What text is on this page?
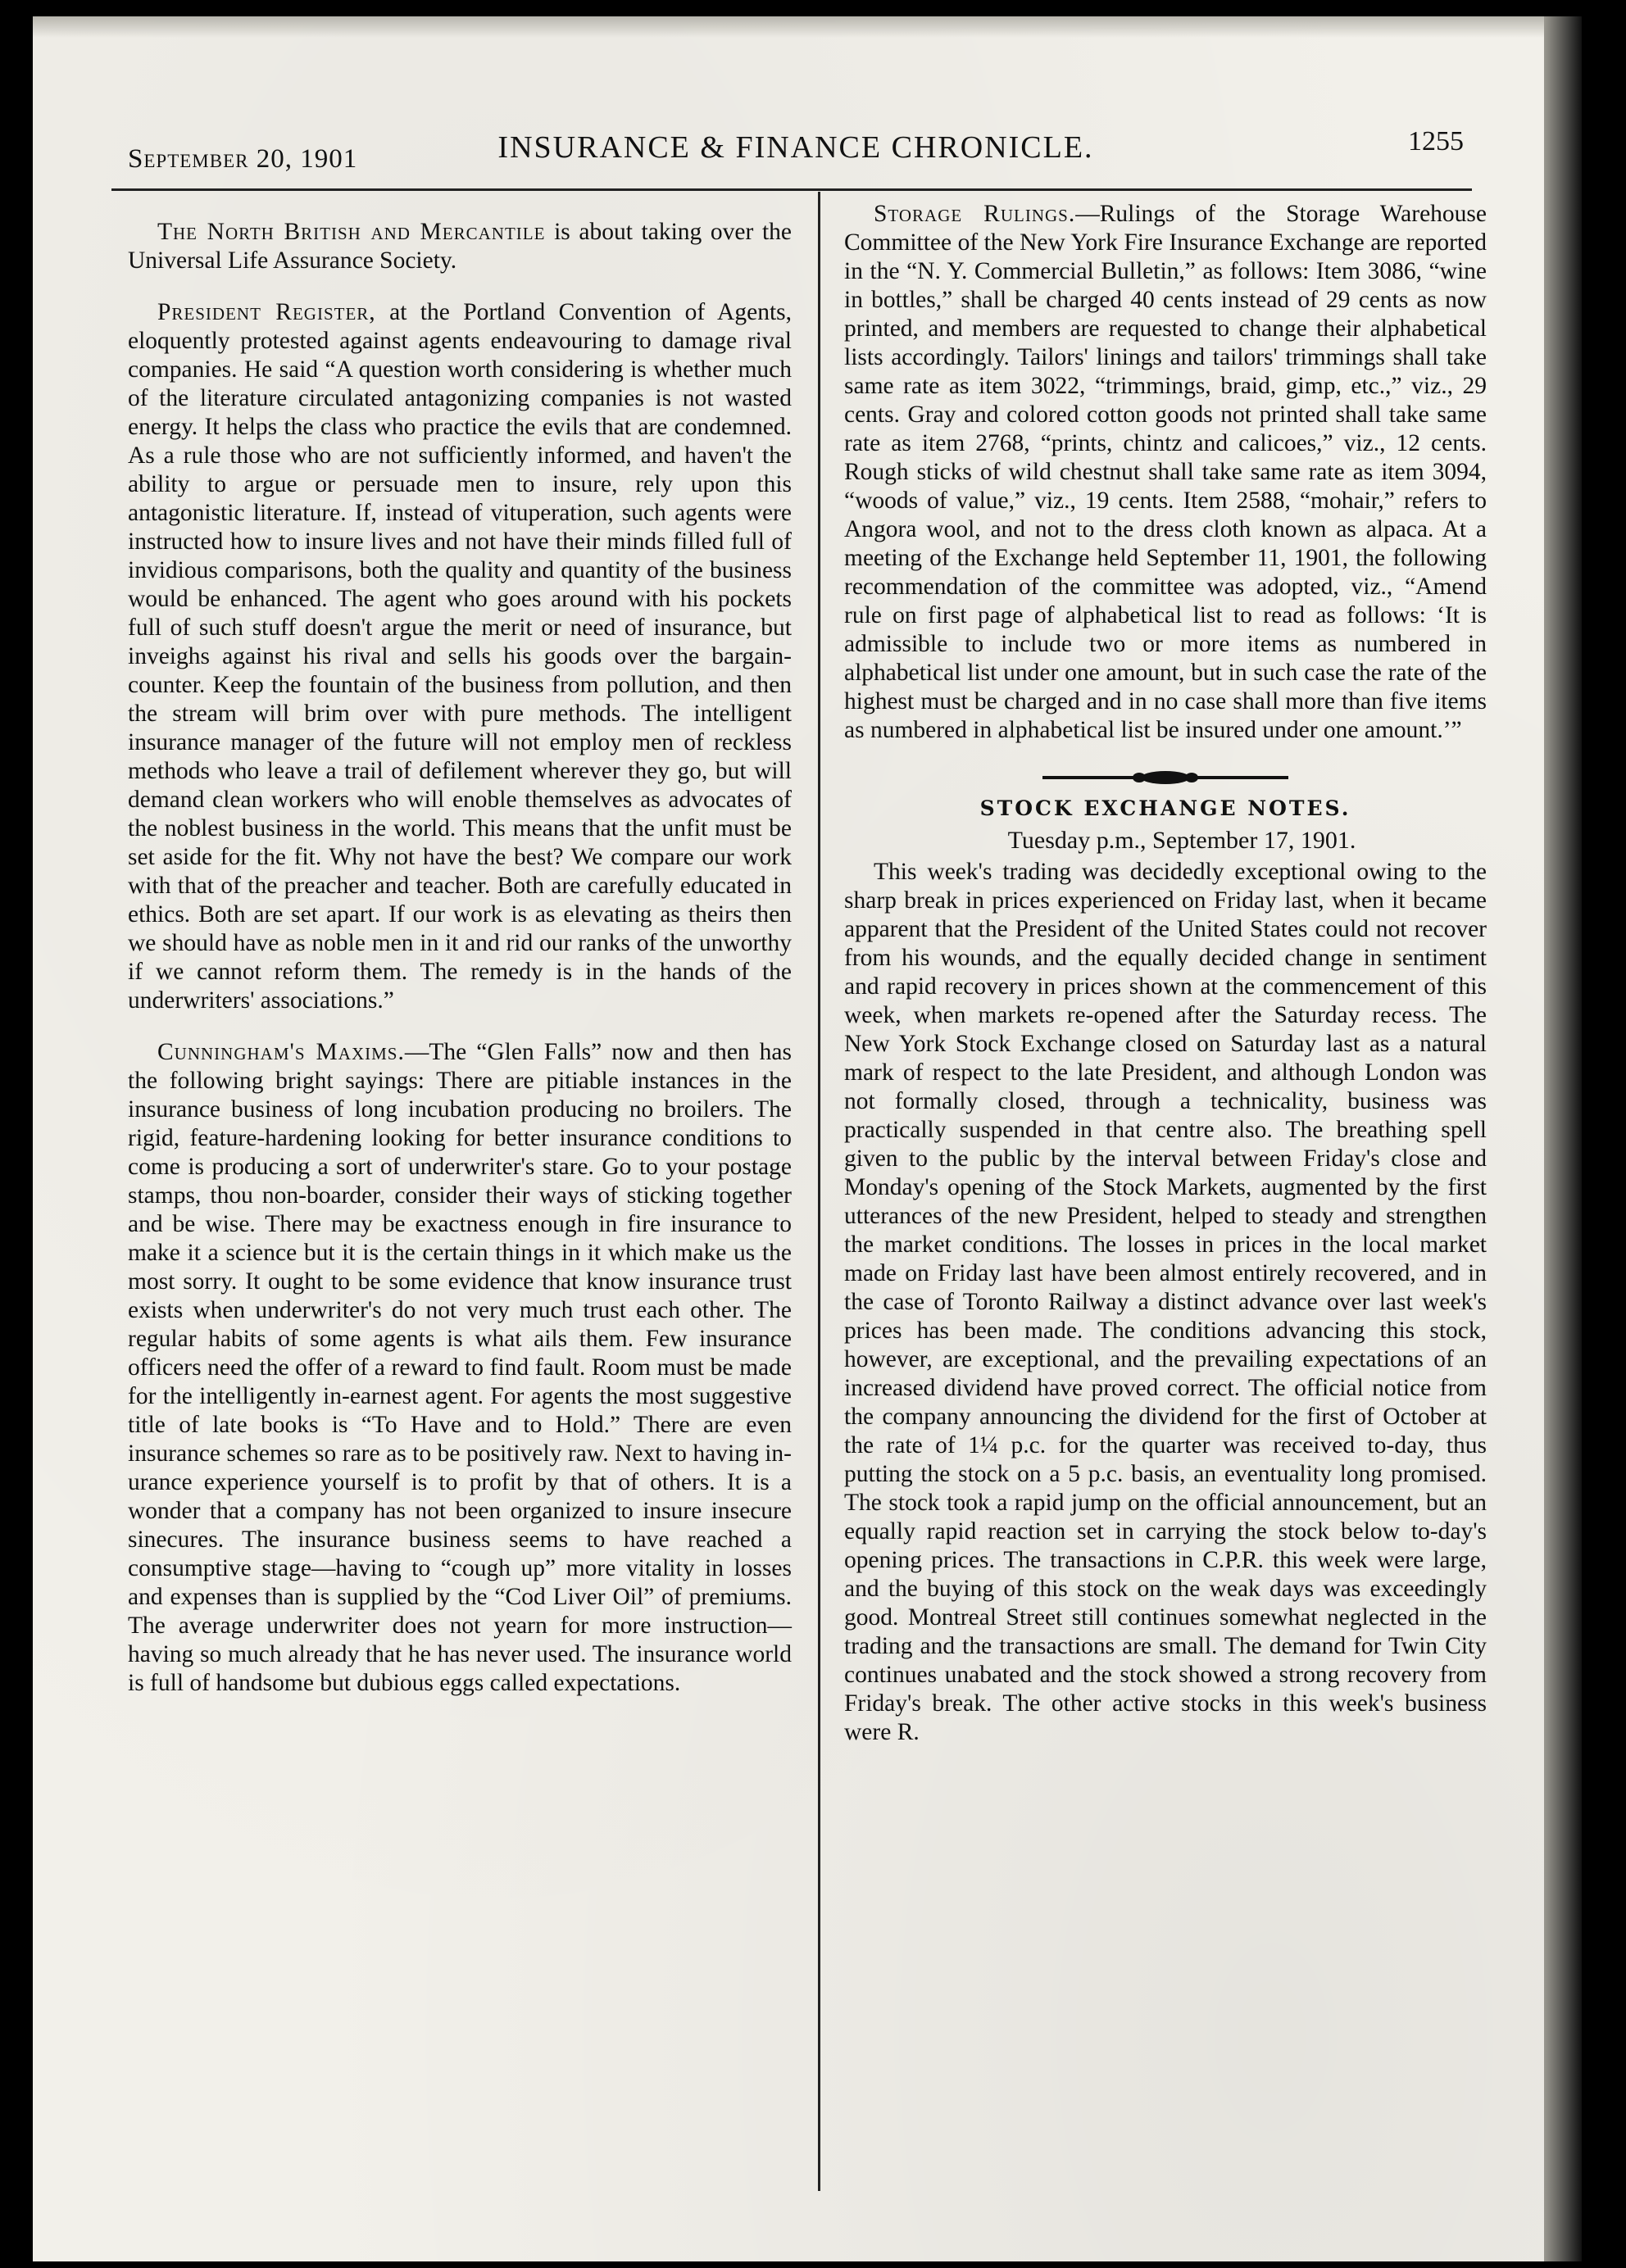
September 20, 1901	INSURANCE & FINANCE CHRONICLE.	1255

The North British and Mercantile is about taking over the Universal Life Assurance Society.

President Register, at the Portland Convention of Agents, eloquently protested against agents endeavouring to damage rival companies. He said “A question worth considering is whether much of the literature circulated antagonizing companies is not wasted energy. It helps the class who practice the evils that are condemned. As a rule those who are not sufficiently informed, and haven't the ability to argue or persuade men to insure, rely upon this antagonistic literature. If, instead of vituperation, such agents were instructed how to insure lives and not have their minds filled full of invidious comparisons, both the quality and quantity of the business would be enhanced. The agent who goes around with his pockets full of such stuff doesn't argue the merit or need of insurance, but inveighs against his rival and sells his goods over the bargain-counter. Keep the fountain of the business from pollution, and then the stream will brim over with pure methods. The intelligent insurance manager of the future will not employ men of reckless methods who leave a trail of defilement wherever they go, but will demand clean workers who will enoble themselves as advocates of the noblest business in the world. This means that the unfit must be set aside for the fit. Why not have the best? We compare our work with that of the preacher and teacher. Both are carefully educated in ethics. Both are set apart. If our work is as elevating as theirs then we should have as noble men in it and rid our ranks of the unworthy if we cannot reform them. The remedy is in the hands of the underwriters' associations.”

Cunningham's Maxims.—The “Glen Falls” now and then has the following bright sayings: There are pitiable instances in the insurance business of long incubation producing no broilers. The rigid, feature-hardening looking for better insurance conditions to come is producing a sort of underwriter's stare. Go to your postage stamps, thou non-boarder, consider their ways of sticking together and be wise. There may be exactness enough in fire insurance to make it a science but it is the certain things in it which make us the most sorry. It ought to be some evidence that know insurance trust exists when underwriter's do not very much trust each other. The regular habits of some agents is what ails them. Few insurance officers need the offer of a reward to find fault. Room must be made for the intelligently in-earnest agent. For agents the most suggestive title of late books is “To Have and to Hold.” There are even insurance schemes so rare as to be positively raw. Next to having in-urance experience yourself is to profit by that of others. It is a wonder that a company has not been organized to insure insecure sinecures. The insurance business seems to have reached a consumptive stage—having to “cough up” more vitality in losses and expenses than is supplied by the “Cod Liver Oil” of premiums. The average underwriter does not yearn for more instruction—having so much already that he has never used. The insurance world is full of handsome but dubious eggs called expectations.

Storage Rulings.—Rulings of the Storage Warehouse Committee of the New York Fire Insurance Exchange are reported in the “N. Y. Commercial Bulletin,” as follows: Item 3086, “wine in bottles,” shall be charged 40 cents instead of 29 cents as now printed, and members are requested to change their alphabetical lists accordingly. Tailors' linings and tailors' trimmings shall take same rate as item 3022, “trimmings, braid, gimp, etc.,” viz., 29 cents. Gray and colored cotton goods not printed shall take same rate as item 2768, “prints, chintz and calicoes,” viz., 12 cents. Rough sticks of wild chestnut shall take same rate as item 3094, “woods of value,” viz., 19 cents. Item 2588, “mohair,” refers to Angora wool, and not to the dress cloth known as alpaca. At a meeting of the Exchange held September 11, 1901, the following recommendation of the committee was adopted, viz., “Amend rule on first page of alphabetical list to read as follows: ‘It is admissible to include two or more items as numbered in alphabetical list under one amount, but in such case the rate of the highest must be charged and in no case shall more than five items as numbered in alphabetical list be insured under one amount.’”

STOCK EXCHANGE NOTES.
Tuesday p.m., September 17, 1901.

This week's trading was decidedly exceptional owing to the sharp break in prices experienced on Friday last, when it became apparent that the President of the United States could not recover from his wounds, and the equally decided change in sentiment and rapid recovery in prices shown at the commencement of this week, when markets re-opened after the Saturday recess. The New York Stock Exchange closed on Saturday last as a natural mark of respect to the late President, and although London was not formally closed, through a technicality, business was practically suspended in that centre also. The breathing spell given to the public by the interval between Friday's close and Monday's opening of the Stock Markets, augmented by the first utterances of the new President, helped to steady and strengthen the market conditions. The losses in prices in the local market made on Friday last have been almost entirely recovered, and in the case of Toronto Railway a distinct advance over last week's prices has been made. The conditions advancing this stock, however, are exceptional, and the prevailing expectations of an increased dividend have proved correct. The official notice from the company announcing the dividend for the first of October at the rate of 1¼ p.c. for the quarter was received to-day, thus putting the stock on a 5 p.c. basis, an eventuality long promised. The stock took a rapid jump on the official announcement, but an equally rapid reaction set in carrying the stock below to-day's opening prices. The transactions in C.P.R. this week were large, and the buying of this stock on the weak days was exceedingly good. Montreal Street still continues somewhat neglected in the trading and the transactions are small. The demand for Twin City continues unabated and the stock showed a strong recovery from Friday's break. The other active stocks in this week's business were R.
